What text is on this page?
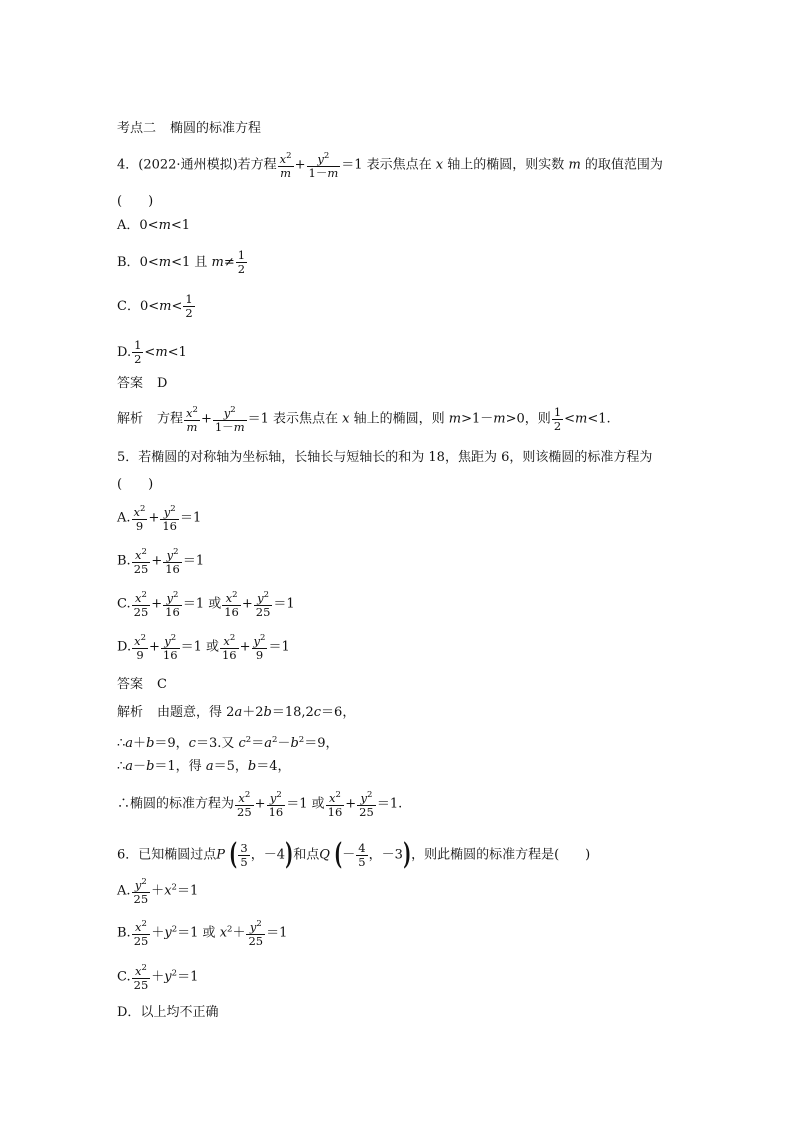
考点二 椭圆的标准方程
4．(2022·通州模拟)若方程 $\frac{x^2}{m} + \frac{y^2}{1-m} =1$ 表示焦点在 x 轴上的椭圆，则实数 m 的取值范围为
(　　)
A．0<m<1
B．0<m<1 且 $m\ne \frac{1}{2}$
C．$0<m< \frac{1}{2}$
D. $\frac{1}{2} <m<1$
答案 D
解析 方程 $\frac{x^2}{m} + \frac{y^2}{1-m} =1$ 表示焦点在 x 轴上的椭圆，则 m>1－m>0，则 $\frac{1}{2} <m<1$.
5．若椭圆的对称轴为坐标轴，长轴长与短轴长的和为 18，焦距为 6，则该椭圆的标准方程为
(　　)
A. $\frac{x^2}{9} + \frac{y^2}{16} =1$
B. $\frac{x^2}{25} + \frac{y^2}{16} =1$
C. $\frac{x^2}{25} + \frac{y^2}{16} =1$ 或 $\frac{x^2}{16} + \frac{y^2}{25} =1$
D. $\frac{x^2}{9} + \frac{y^2}{16} =1$ 或 $\frac{x^2}{16} + \frac{y^2}{9} =1$
答案 C
解析 由题意，得 2a＋2b＝18,2c＝6，
∴a＋b＝9，c＝3.又 $c^2=a^2-b^2=9$，
∴a－b＝1，得 a＝5，b＝4，
∴椭圆的标准方程为 $\frac{x^2}{25} + \frac{y^2}{16} =1$ 或 $\frac{x^2}{16} + \frac{y^2}{25} =1$.
6．已知椭圆过点P ( $\frac{3}{5}$ ，－4)和点Q (－ $\frac{4}{5}$ ，－3)，则此椭圆的标准方程是(　　)
A. $\frac{y^2}{25} +x^2=1$
B. $\frac{x^2}{25} +y^2=1$ 或 $x^2+ \frac{y^2}{25} =1$
C. $\frac{x^2}{25} +y^2=1$
D．以上均不正确
